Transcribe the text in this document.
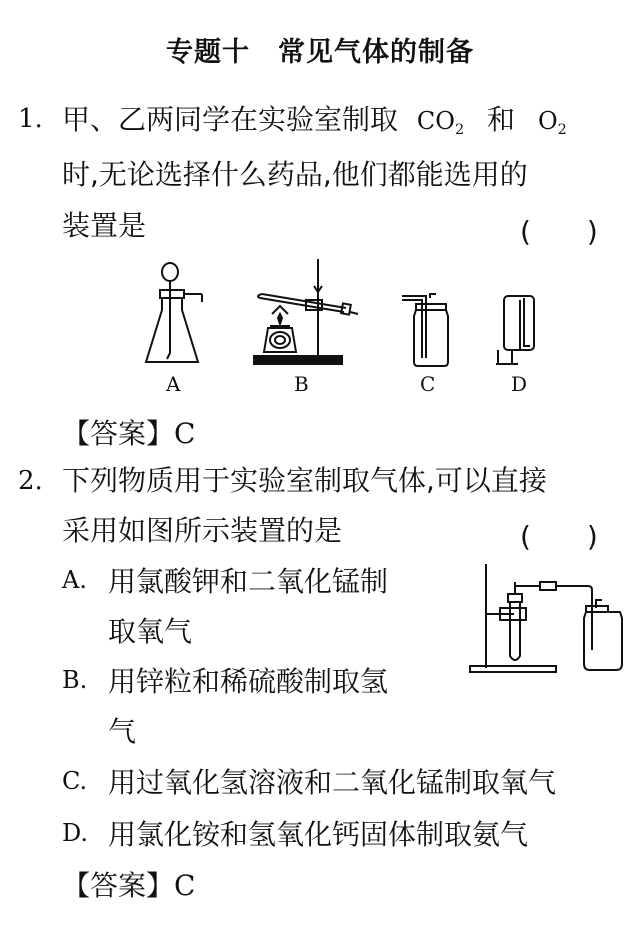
专题十　常见气体的制备
1. 甲、乙两同学在实验室制取 $CO_2$ 和 $O_2$
时,无论选择什么药品,他们都能选用的
装置是	(　　)
A	B	C	D
【答案】C
2. 下列物质用于实验室制取气体,可以直接
采用如图所示装置的是	(　　)
A. 用氯酸钾和二氧化锰制
取氧气
B. 用锌粒和稀硫酸制取氢
气
C. 用过氧化氢溶液和二氧化锰制取氧气
D. 用氯化铵和氢氧化钙固体制取氨气
【答案】C
